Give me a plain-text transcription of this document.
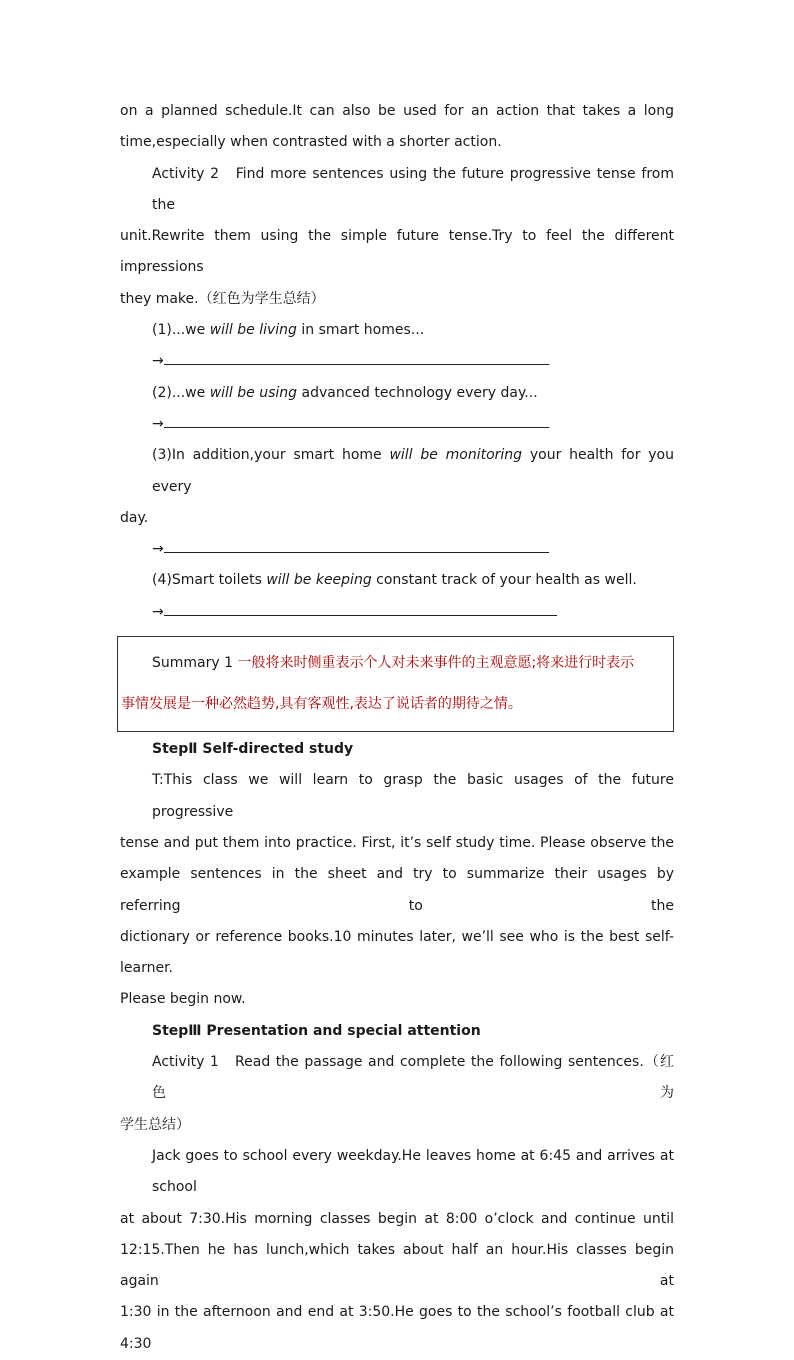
on a planned schedule.It can also be used for an action that takes a long

time,especially when contrasted with a shorter action.

Activity 2　Find more sentences using the future progressive tense from the

unit.Rewrite them using the simple future tense.Try to feel the different impressions

they make.（红色为学生总结）

(1)...we will be living in smart homes...

→

(2)...we will be using advanced technology every day...

→

(3)In addition,your smart home will be monitoring your health for you every

day.

→

(4)Smart toilets will be keeping constant track of your health as well.

→

Summary 1 一般将来时侧重表示个人对未来事件的主观意愿;将来进行时表示

事情发展是一种必然趋势,具有客观性,表达了说话者的期待之情。

StepⅡ Self-directed study

T:This class we will learn to grasp the basic usages of the future progressive

tense and put them into practice. First, it’s self study time. Please observe the

example sentences in the sheet and try to summarize their usages by referring to the

dictionary or reference books.10 minutes later, we’ll see who is the best self-learner.

Please begin now.

StepⅢ Presentation and special attention

Activity 1　Read the passage and complete the following sentences.（红色为

学生总结）

Jack goes to school every weekday.He leaves home at 6:45 and arrives at school

at about 7:30.His morning classes begin at 8:00 o’clock and continue until

12:15.Then he has lunch,which takes about half an hour.His classes begin again at

1:30 in the afternoon and end at 3:50.He goes to the school’s football club at 4:30
